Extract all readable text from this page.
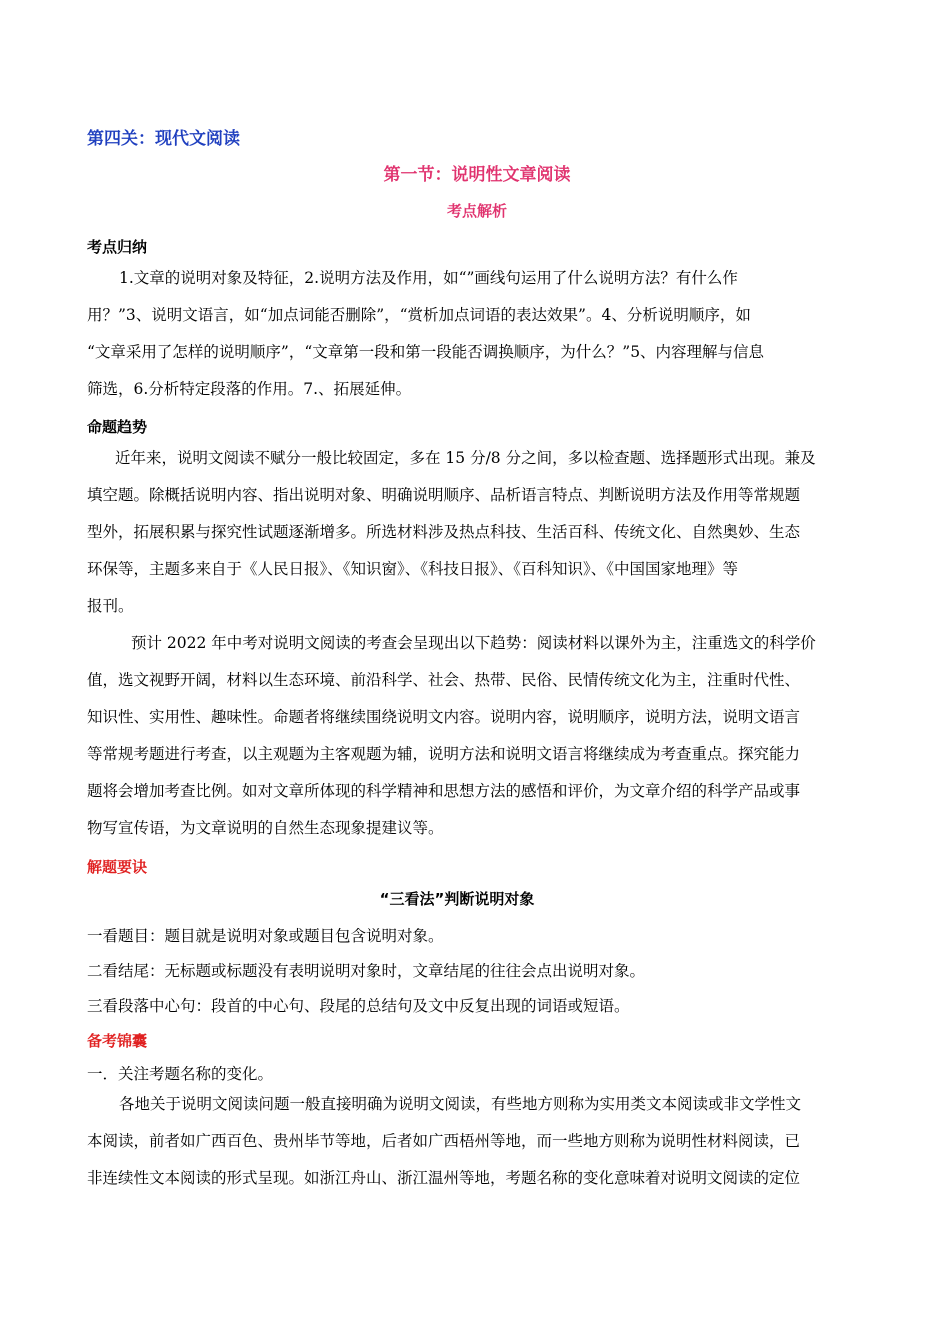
第四关：现代文阅读
第一节：说明性文章阅读
考点解析
考点归纳
1.文章的说明对象及特征，2.说明方法及作用，如“”画线句运用了什么说明方法？有什么作
用？”3、说明文语言，如“加点词能否删除”，“赏析加点词语的表达效果”。4、分析说明顺序，如
“文章采用了怎样的说明顺序”，“文章第一段和第一段能否调换顺序，为什么？”5、内容理解与信息
筛选，6.分析特定段落的作用。7.、拓展延伸。
命题趋势
近年来，说明文阅读不赋分一般比较固定，多在 15 分/8 分之间，多以检查题、选择题形式出现。兼及
填空题。除概括说明内容、指出说明对象、明确说明顺序、品析语言特点、判断说明方法及作用等常规题
型外，拓展积累与探究性试题逐渐增多。所选材料涉及热点科技、生活百科、传统文化、自然奥妙、生态
环保等，主题多来自于《人民日报》、《知识窗》、《科技日报》、《百科知识》、《中国国家地理》等
报刊。
预计 2022 年中考对说明文阅读的考查会呈现出以下趋势：阅读材料以课外为主，注重选文的科学价
值，选文视野开阔，材料以生态环境、前沿科学、社会、热带、民俗、民情传统文化为主，注重时代性、
知识性、实用性、趣味性。命题者将继续围绕说明文内容。说明内容，说明顺序，说明方法，说明文语言
等常规考题进行考查，以主观题为主客观题为辅，说明方法和说明文语言将继续成为考查重点。探究能力
题将会增加考查比例。如对文章所体现的科学精神和思想方法的感悟和评价，为文章介绍的科学产品或事
物写宣传语，为文章说明的自然生态现象提建议等。
解题要诀
“三看法”判断说明对象
一看题目：题目就是说明对象或题目包含说明对象。
二看结尾：无标题或标题没有表明说明对象时，文章结尾的往往会点出说明对象。
三看段落中心句：段首的中心句、段尾的总结句及文中反复出现的词语或短语。
备考锦囊
一．关注考题名称的变化。
各地关于说明文阅读问题一般直接明确为说明文阅读，有些地方则称为实用类文本阅读或非文学性文
本阅读，前者如广西百色、贵州毕节等地，后者如广西梧州等地，而一些地方则称为说明性材料阅读，已
非连续性文本阅读的形式呈现。如浙江舟山、浙江温州等地，考题名称的变化意味着对说明文阅读的定位
